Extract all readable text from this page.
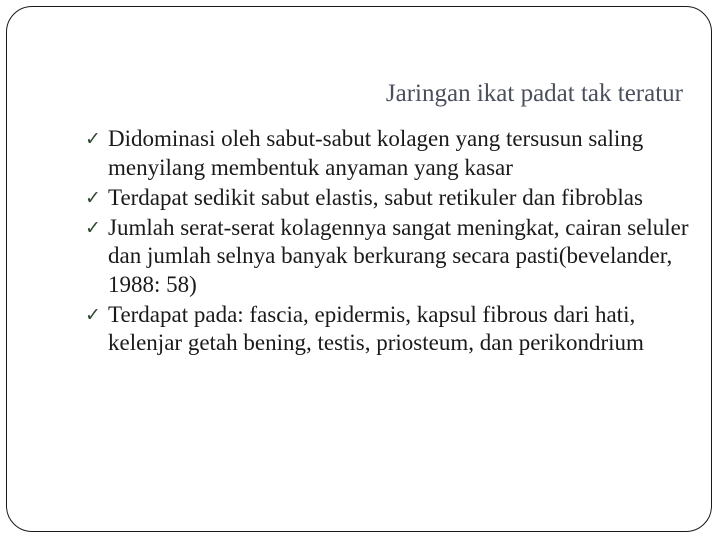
Jaringan ikat padat tak teratur
✓ Didominasi oleh sabut-sabut kolagen yang tersusun saling menyilang membentuk anyaman yang kasar
✓ Terdapat sedikit sabut elastis, sabut retikuler dan fibroblas
✓ Jumlah serat-serat kolagennya sangat meningkat, cairan seluler dan jumlah selnya banyak berkurang secara pasti(bevelander, 1988: 58)
✓ Terdapat pada: fascia, epidermis, kapsul fibrous dari hati, kelenjar getah bening, testis, priosteum, dan perikondrium
